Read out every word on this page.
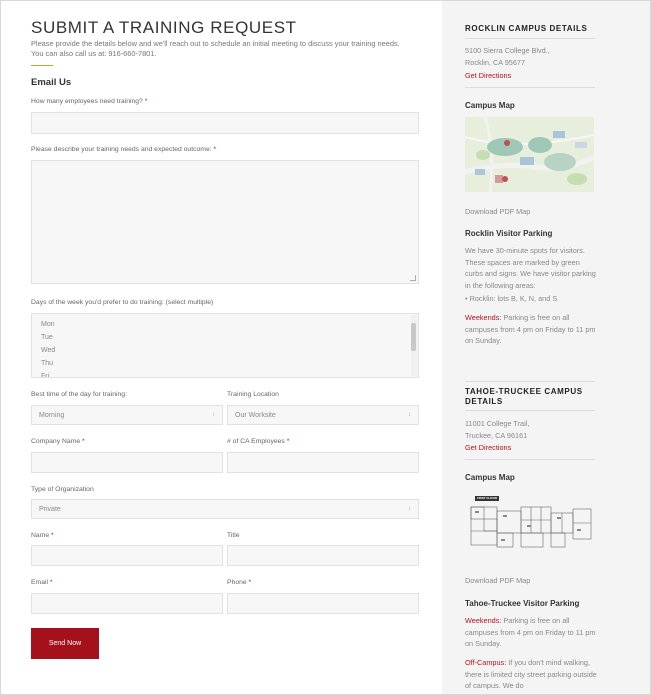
SUBMIT A TRAINING REQUEST
Please provide the details below and we'll reach out to schedule an initial meeting to discuss your training needs. You can also call us at: 916-660-7801.
Email Us
How many employees need training? *
Please describe your training needs and expected outcome: *
Days of the week you'd prefer to do training: (select multiple)
Mon
Tue
Wed
Thu
Fri
Best time of the day for training:
Morning	↕
Training Location
Our Worksite	↕
Company Name *	# of CA Employees *
Type of Organization
Private	↕
Name *	Title
Email *	Phone *
Send Now
ROCKLIN CAMPUS DETAILS
5100 Sierra College Blvd.,
Rocklin, CA 95677
Get Directions
Campus Map
Download PDF Map
Rocklin Visitor Parking
We have 30-minute spots for visitors. These spaces are marked by green curbs and signs. We have visitor parking in the following areas:
• Rocklin: lots B, K, N, and S
Weekends: Parking is free on all campuses from 4 pm on Friday to 11 pm on Sunday.
TAHOE-TRUCKEE CAMPUS DETAILS
11001 College Trail,
Truckee, CA 96161
Get Directions
Campus Map
FIRST FLOOR
Download PDF Map
Tahoe-Truckee Visitor Parking
Weekends: Parking is free on all campuses from 4 pm on Friday to 11 pm on Sunday.
Off-Campus: If you don't mind walking, there is limited city street parking outside of campus. We do
